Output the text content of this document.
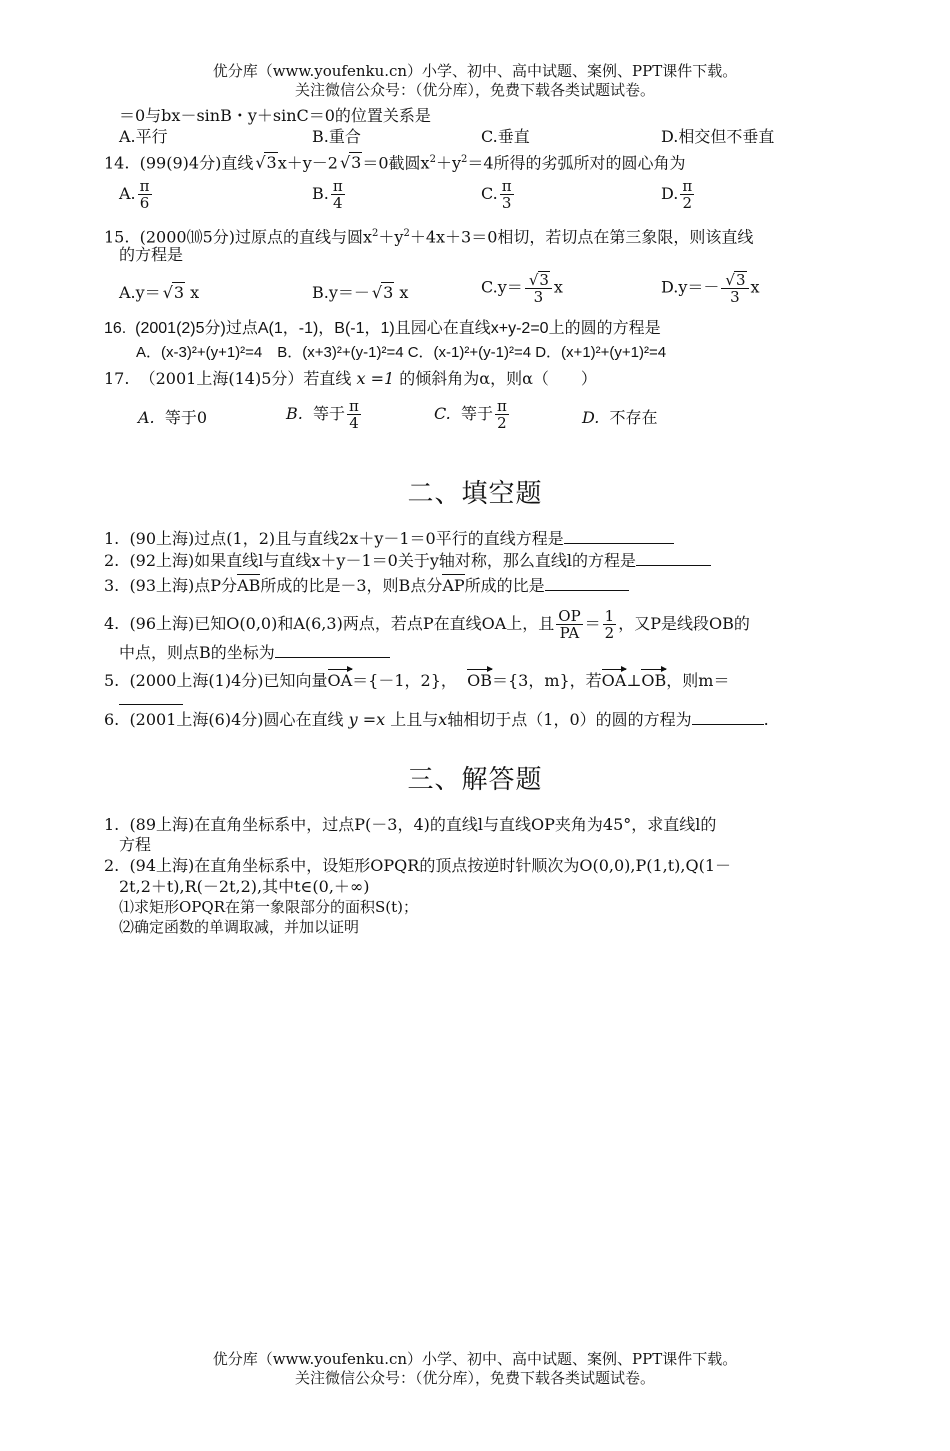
优分库（www.youfenku.cn）小学、初中、高中试题、案例、PPT课件下载。
关注微信公众号：（优分库），免费下载各类试题试卷。
＝0与bx－sinB・y＋sinC＝0的位置关系是
A.平行	B.重合	C.垂直	D.相交但不垂直
14. (99(9)4分)直线 √ 3x＋y－2 √ 3＝0截圆$x^2+y^2=4$所得的劣弧所对的圆心角为
A. $\frac{\pi}{6}$	B. $\frac{\pi}{4}$	C. $\frac{\pi}{3}$	D. $\frac{\pi}{2}$
15. (2000⑽5分)过原点的直线与圆$x^2+y^2+4x+3=0$相切，若切点在第三象限，则该直线
的方程是
A.y＝ √ 3 x	B.y＝－ √ 3 x	C.y＝ √ $\frac{3}{3}$ x	D.y＝－ √ $\frac{3}{3}$ x
16. (2001(2)5分)过点A(1，-1)，B(-1，1)且园心在直线x+y-2=0上的圆的方程是
A．(x-3)²+(y+1)²=4　B．(x+3)²+(y-1)²=4 C．(x-1)²+(y-1)²=4 D．(x+1)²+(y+1)²=4
17. （2001上海(14)5分）若直线 x =1 的倾斜角为α，则α（　　）
A. 等于0	B. 等于 $\frac{\pi}{4}$	C. 等于 $\frac{\pi}{2}$	D. 不存在
二、填空题
1. (90上海)过点(1，2)且与直线2x＋y－1＝0平行的直线方程是
2. (92上海)如果直线l与直线x＋y－1＝0关于y轴对称，那么直线l的方程是
3. (93上海)点P分AB所成的比是－3，则B点分AP所成的比是
4. (96上海)已知O(0,0)和A(6,3)两点，若点P在直线OA上，且 $\frac{OP}{PA} = \frac{1}{2}$ ，又P是线段OB的
中点，则点B的坐标为
5. (2000上海(1)4分)已知向量OA＝{－1，2}， OB＝{3，m}，若OA⊥OB，则m＝
6. (2001上海(6)4分)圆心在直线 y =x 上且与x轴相切于点（1，0）的圆的方程为	.
三、解答题
1. (89上海)在直角坐标系中，过点P(－3，4)的直线l与直线OP夹角为45°，求直线l的
方程
2. (94上海)在直角坐标系中，设矩形OPQR的顶点按逆时针顺次为O(0,0),P(1,t),Q(1－
2t,2＋t),R(－2t,2),其中t∈(0,＋∞)
⑴求矩形OPQR在第一象限部分的面积S(t)；
⑵确定函数的单调取减，并加以证明
优分库（www.youfenku.cn）小学、初中、高中试题、案例、PPT课件下载。
关注微信公众号：（优分库），免费下载各类试题试卷。
